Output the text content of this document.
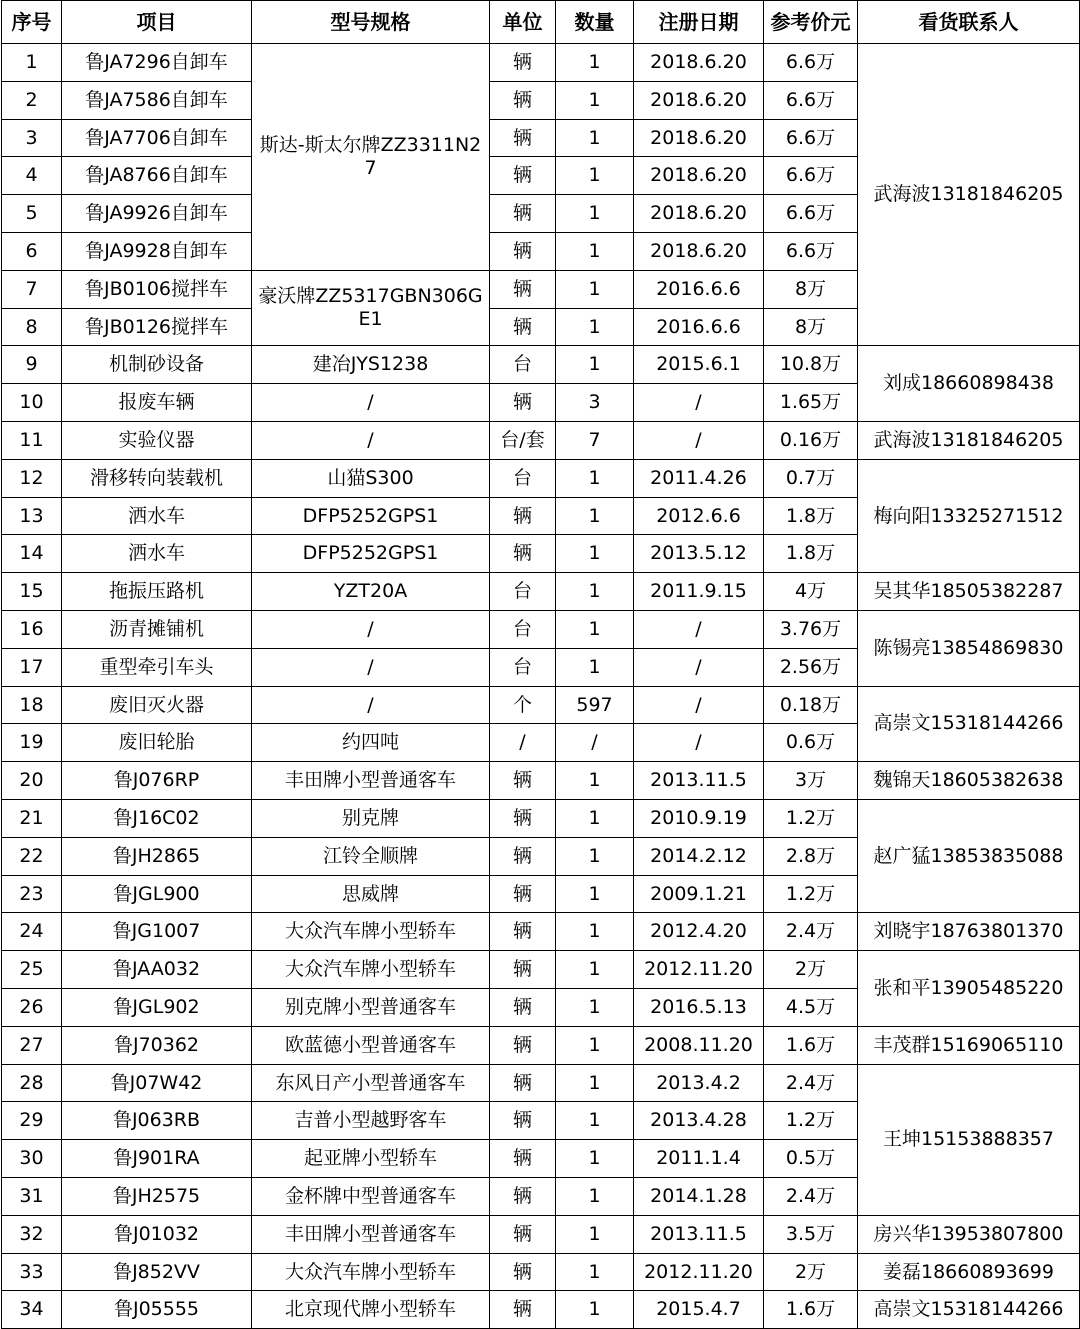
序号	项目	型号规格	单位	数量	注册日期	参考价元	看货联系人
1	鲁JA7296自卸车	斯达-斯太尔牌ZZ3311N27	辆	1	2018.6.20	6.6万	武海波13181846205
2	鲁JA7586自卸车		辆	1	2018.6.20	6.6万	
3	鲁JA7706自卸车		辆	1	2018.6.20	6.6万	
4	鲁JA8766自卸车		辆	1	2018.6.20	6.6万	
5	鲁JA9926自卸车		辆	1	2018.6.20	6.6万	
6	鲁JA9928自卸车		辆	1	2018.6.20	6.6万	
7	鲁JB0106搅拌车	豪沃牌ZZ5317GBN306GE1	辆	1	2016.6.6	8万	
8	鲁JB0126搅拌车		辆	1	2016.6.6	8万	
9	机制砂设备	建冶JYS1238	台	1	2015.6.1	10.8万	刘成18660898438
10	报废车辆	/	辆	3	/	1.65万	
11	实验仪器	/	台/套	7	/	0.16万	武海波13181846205
12	滑移转向装载机	山猫S300	台	1	2011.4.26	0.7万	梅向阳13325271512
13	洒水车	DFP5252GPS1	辆	1	2012.6.6	1.8万	
14	洒水车	DFP5252GPS1	辆	1	2013.5.12	1.8万	
15	拖振压路机	YZT20A	台	1	2011.9.15	4万	吴其华18505382287
16	沥青摊铺机	/	台	1	/	3.76万	陈锡亮13854869830
17	重型牵引车头	/	台	1	/	2.56万	
18	废旧灭火器	/	个	597	/	0.18万	高崇文15318144266
19	废旧轮胎	约四吨	/	/	/	0.6万	
20	鲁J076RP	丰田牌小型普通客车	辆	1	2013.11.5	3万	魏锦天18605382638
21	鲁J16C02	别克牌	辆	1	2010.9.19	1.2万	赵广猛13853835088
22	鲁JH2865	江铃全顺牌	辆	1	2014.2.12	2.8万	
23	鲁JGL900	思威牌	辆	1	2009.1.21	1.2万	
24	鲁JG1007	大众汽车牌小型轿车	辆	1	2012.4.20	2.4万	刘晓宇18763801370
25	鲁JAA032	大众汽车牌小型轿车	辆	1	2012.11.20	2万	张和平13905485220
26	鲁JGL902	别克牌小型普通客车	辆	1	2016.5.13	4.5万	
27	鲁J70362	欧蓝德小型普通客车	辆	1	2008.11.20	1.6万	丰茂群15169065110
28	鲁J07W42	东风日产小型普通客车	辆	1	2013.4.2	2.4万	王坤15153888357
29	鲁J063RB	吉普小型越野客车	辆	1	2013.4.28	1.2万	
30	鲁J901RA	起亚牌小型轿车	辆	1	2011.1.4	0.5万	
31	鲁JH2575	金杯牌中型普通客车	辆	1	2014.1.28	2.4万	
32	鲁J01032	丰田牌小型普通客车	辆	1	2013.11.5	3.5万	房兴华13953807800
33	鲁J852VV	大众汽车牌小型轿车	辆	1	2012.11.20	2万	姜磊18660893699
34	鲁J05555	北京现代牌小型轿车	辆	1	2015.4.7	1.6万	高崇文15318144266
